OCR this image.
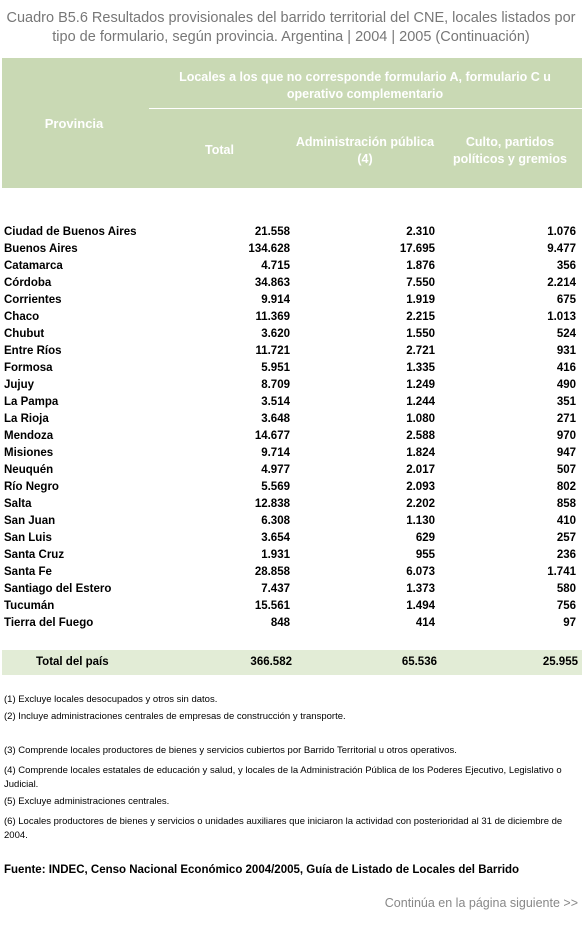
Cuadro B5.6 Resultados provisionales del barrido territorial del CNE, locales listados por tipo de formulario, según provincia. Argentina | 2004 | 2005 (Continuación)
Provincia
Locales a los que no corresponde formulario A, formulario C u operativo complementario
Total
Administración pública (4)
Culto, partidos políticos y gremios
Ciudad de Buenos Aires	21.558	2.310	1.076
Buenos Aires	134.628	17.695	9.477
Catamarca	4.715	1.876	356
Córdoba	34.863	7.550	2.214
Corrientes	9.914	1.919	675
Chaco	11.369	2.215	1.013
Chubut	3.620	1.550	524
Entre Ríos	11.721	2.721	931
Formosa	5.951	1.335	416
Jujuy	8.709	1.249	490
La Pampa	3.514	1.244	351
La Rioja	3.648	1.080	271
Mendoza	14.677	2.588	970
Misiones	9.714	1.824	947
Neuquén	4.977	2.017	507
Río Negro	5.569	2.093	802
Salta	12.838	2.202	858
San Juan	6.308	1.130	410
San Luis	3.654	629	257
Santa Cruz	1.931	955	236
Santa Fe	28.858	6.073	1.741
Santiago del Estero	7.437	1.373	580
Tucumán	15.561	1.494	756
Tierra del Fuego	848	414	97
Total del país	366.582	65.536	25.955
(1) Excluye locales desocupados y otros sin datos.
(2) Incluye administraciones centrales de empresas de construcción y transporte.
(3) Comprende locales productores de bienes y servicios cubiertos por Barrido Territorial u otros operativos.
(4) Comprende locales estatales de educación y salud, y locales de la Administración Pública de los Poderes Ejecutivo, Legislativo o Judicial.
(5) Excluye administraciones centrales.
(6) Locales productores de bienes y servicios o unidades auxiliares que iniciaron la actividad con posterioridad al 31 de diciembre de 2004.
Fuente: INDEC, Censo Nacional Económico 2004/2005, Guía de Listado de Locales del Barrido
Continúa en la página siguiente >>
